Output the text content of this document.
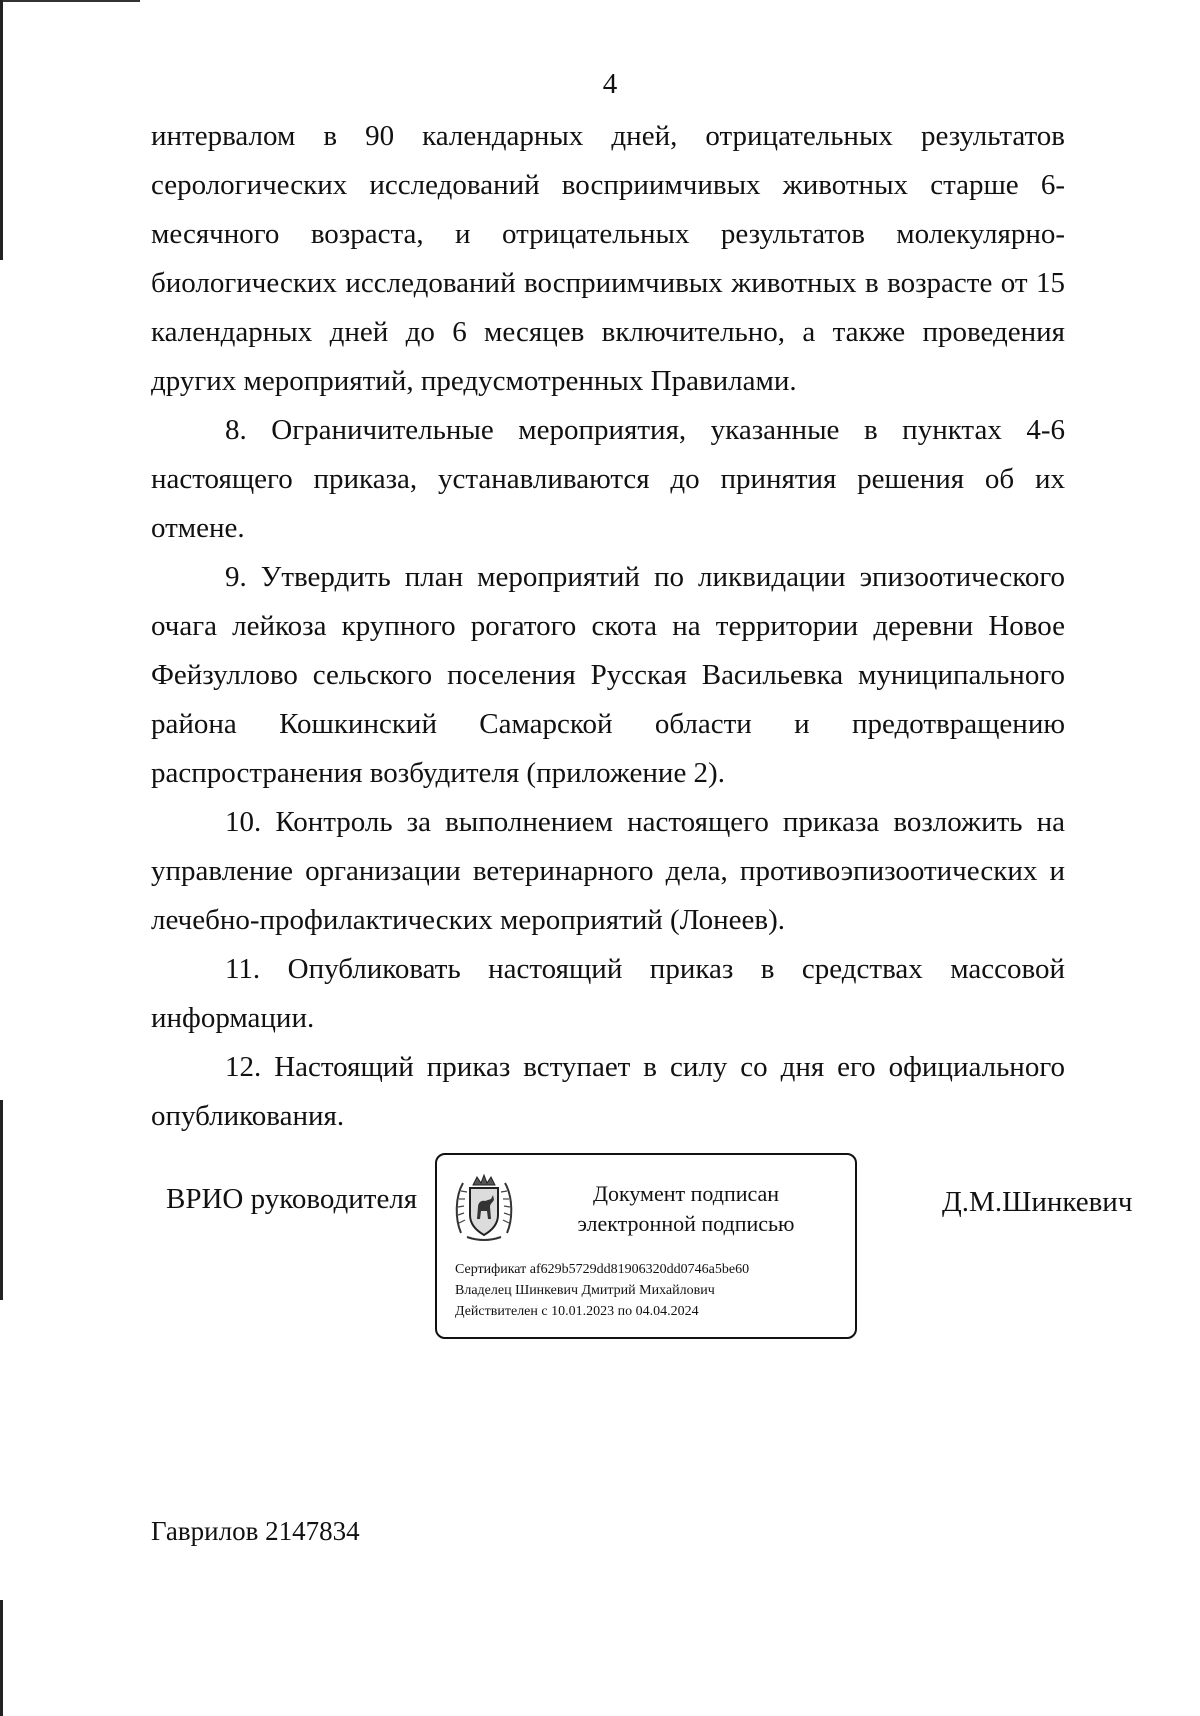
4

интервалом в 90 календарных дней, отрицательных результатов серологических исследований восприимчивых животных старше 6-месячного возраста, и отрицательных результатов молекулярно-биологических исследований восприимчивых животных в возрасте от 15 календарных дней до 6 месяцев включительно, а также проведения других мероприятий, предусмотренных Правилами.

8. Ограничительные мероприятия, указанные в пунктах 4-6 настоящего приказа, устанавливаются до принятия решения об их отмене.

9. Утвердить план мероприятий по ликвидации эпизоотического очага лейкоза крупного рогатого скота на территории деревни Новое Фейзуллово сельского поселения Русская Васильевка муниципального района Кошкинский Самарской области и предотвращению распространения возбудителя (приложение 2).

10. Контроль за выполнением настоящего приказа возложить на управление организации ветеринарного дела, противоэпизоотических и лечебно-профилактических мероприятий (Лонеев).

11. Опубликовать настоящий приказ в средствах массовой информации.

12. Настоящий приказ вступает в силу со дня его официального опубликования.

ВРИО руководителя	Документ подписан
электронной подписью
Сертификат af629b5729dd81906320dd0746a5be60
Владелец Шинкевич Дмитрий Михайлович
Действителен с 10.01.2023 по 04.04.2024
Д.М.Шинкевич
Гаврилов 2147834
